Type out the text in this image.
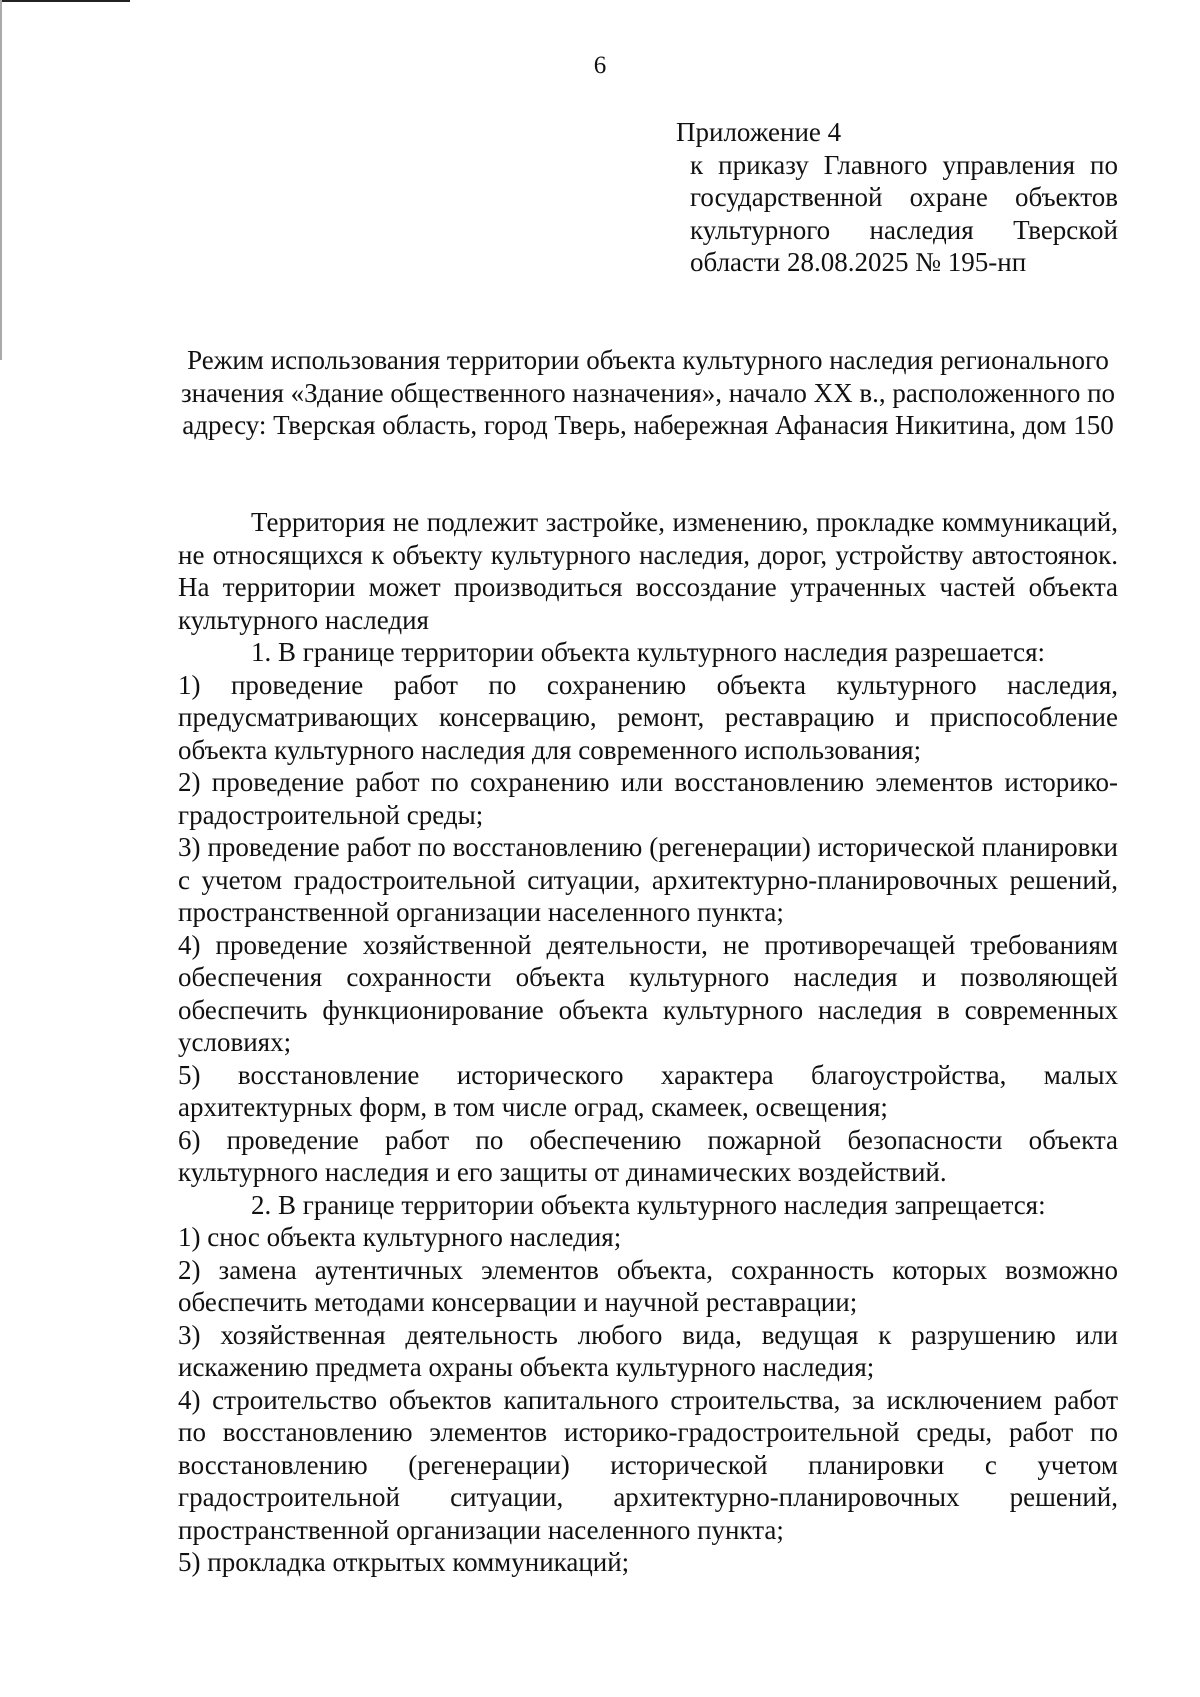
6
Приложение 4
к приказу Главного управления по государственной охране объектов культурного наследия Тверской области 28.08.2025 № 195-нп
Режим использования территории объекта культурного наследия регионального значения «Здание общественного назначения», начало XX в., расположенного по адресу: Тверская область, город Тверь, набережная Афанасия Никитина, дом 150

Территория не подлежит застройке, изменению, прокладке коммуникаций, не относящихся к объекту культурного наследия, дорог, устройству автостоянок. На территории может производиться воссоздание утраченных частей объекта культурного наследия

1. В границе территории объекта культурного наследия разрешается:

1) проведение работ по сохранению объекта культурного наследия, предусматривающих консервацию, ремонт, реставрацию и приспособление объекта культурного наследия для современного использования;

2) проведение работ по сохранению или восстановлению элементов историко-градостроительной среды;

3) проведение работ по восстановлению (регенерации) исторической планировки с учетом градостроительной ситуации, архитектурно-планировочных решений, пространственной организации населенного пункта;

4) проведение хозяйственной деятельности, не противоречащей требованиям обеспечения сохранности объекта культурного наследия и позволяющей обеспечить функционирование объекта культурного наследия в современных условиях;

5) восстановление исторического характера благоустройства, малых архитектурных форм, в том числе оград, скамеек, освещения;

6) проведение работ по обеспечению пожарной безопасности объекта культурного наследия и его защиты от динамических воздействий.

2. В границе территории объекта культурного наследия запрещается:

1) снос объекта культурного наследия;

2) замена аутентичных элементов объекта, сохранность которых возможно обеспечить методами консервации и научной реставрации;

3) хозяйственная деятельность любого вида, ведущая к разрушению или искажению предмета охраны объекта культурного наследия;

4) строительство объектов капитального строительства, за исключением работ по восстановлению элементов историко-градостроительной среды, работ по восстановлению (регенерации) исторической планировки с учетом градостроительной ситуации, архитектурно-планировочных решений, пространственной организации населенного пункта;

5) прокладка открытых коммуникаций;
